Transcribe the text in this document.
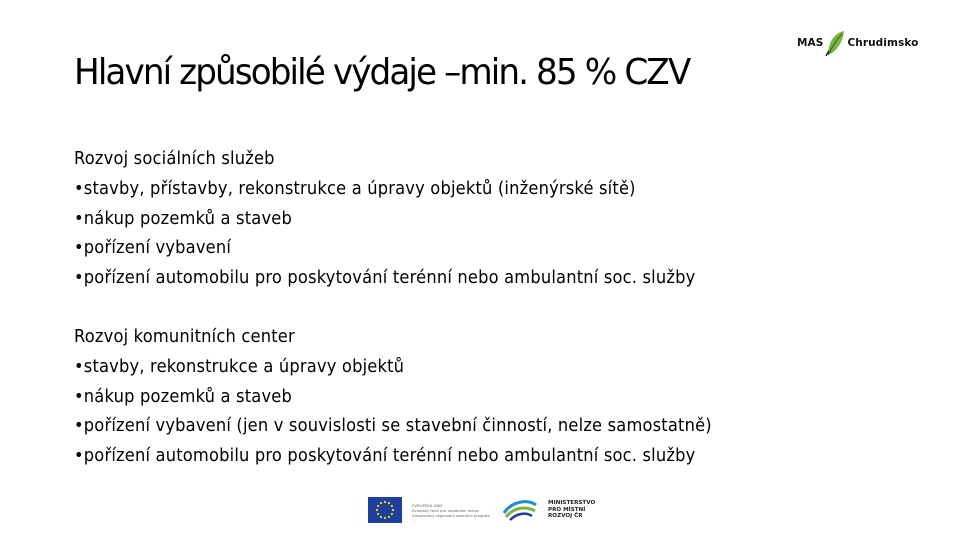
MAS Chrudimsko
Hlavní způsobilé výdaje –min. 85 % CZV
Rozvoj sociálních služeb
• stavby, přístavby, rekonstrukce a úpravy objektů (inženýrské sítě)
• nákup pozemků a staveb
• pořízení vybavení
• pořízení automobilu pro poskytování terénní nebo ambulantní soc. služby
Rozvoj komunitních center
• stavby, rekonstrukce a úpravy objektů
• nákup pozemků a staveb
• pořízení vybavení (jen v souvislosti se stavební činností, nelze samostatně)
• pořízení automobilu pro poskytování terénní nebo ambulantní soc. služby
EVROPSKÁ UNIE
Evropský fond pro regionální rozvoj
Integrovaný regionální operační program
MINISTERSTVO
PRO MÍSTNÍ
ROZVOJ ČR
